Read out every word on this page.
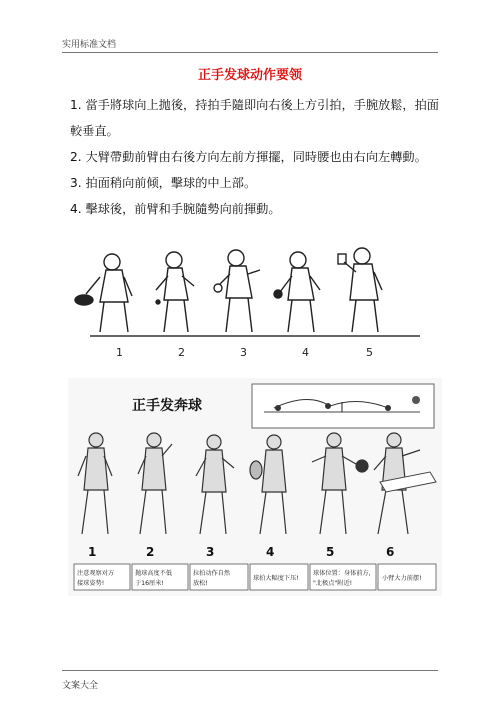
实用标准文档
正手发球动作要领
1. 當手將球向上拋後，持拍手隨即向右後上方引拍，手腕放鬆，拍面較垂直。
2. 大臂帶動前臂由右後方向左前方揮擺，同時腰也由右向左轉動。
3. 拍面稍向前倾，擊球的中上部。
4. 擊球後，前臂和手腕隨勢向前揮動。
1	2	3	4	5
正手发奔球
1	2	3	4	5	6
注意观察对方
接球姿势!
抛球高度不低
于16厘米!
拉拍动作自然
放松!
球拍大幅度下压!
球体位置：身体前方，
"北极点"附近!
小臂大力前摆!
文案大全
